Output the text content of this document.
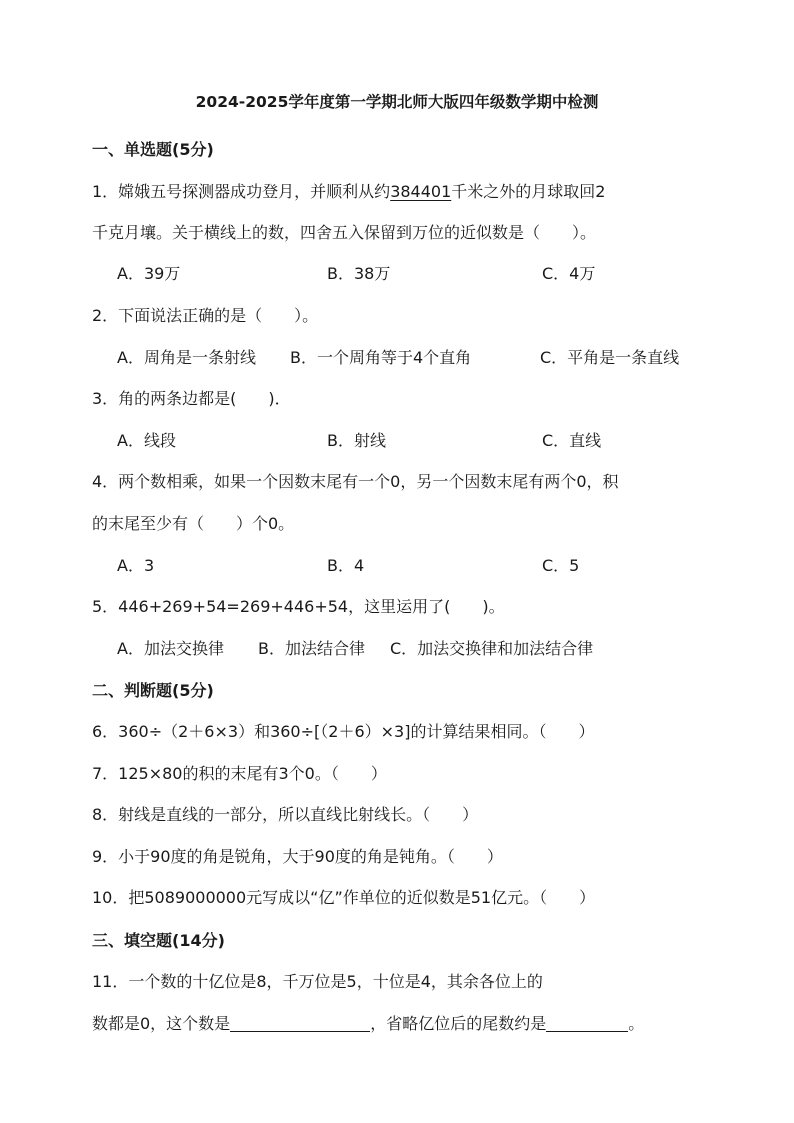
2024-2025学年度第一学期北师大版四年级数学期中检测
一、单选题(5分)
1．嫦娥五号探测器成功登月，并顺利从约384401千米之外的月球取回2
千克月壤。关于横线上的数，四舍五入保留到万位的近似数是（　　）。
A．39万	B．38万	C．4万
2．下面说法正确的是（　　）。
A．周角是一条射线 B．一个周角等于4个直角	C．平角是一条直线
3．角的两条边都是(　　)．
A．线段	B．射线	C．直线
4．两个数相乘，如果一个因数末尾有一个0，另一个因数末尾有两个0，积
的末尾至少有（　　）个0。
A．3	B．4	C．5
5．446+269+54=269+446+54，这里运用了(　　)。
A．加法交换律 B．加法结合律 C．加法交换律和加法结合律
二、判断题(5分)
6．360÷（2＋6×3）和360÷[（2＋6）×3]的计算结果相同。（　　）
7．125×80的积的末尾有3个0。（　　）
8．射线是直线的一部分，所以直线比射线长。（　　）
9．小于90度的角是锐角，大于90度的角是钝角。（　　）
10．把5089000000元写成以“亿”作单位的近似数是51亿元。（　　）
三、填空题(14分)
11．一个数的十亿位是8，千万位是5，十位是4，其余各位上的
数都是0，这个数是	，省略亿位后的尾数约是	。
